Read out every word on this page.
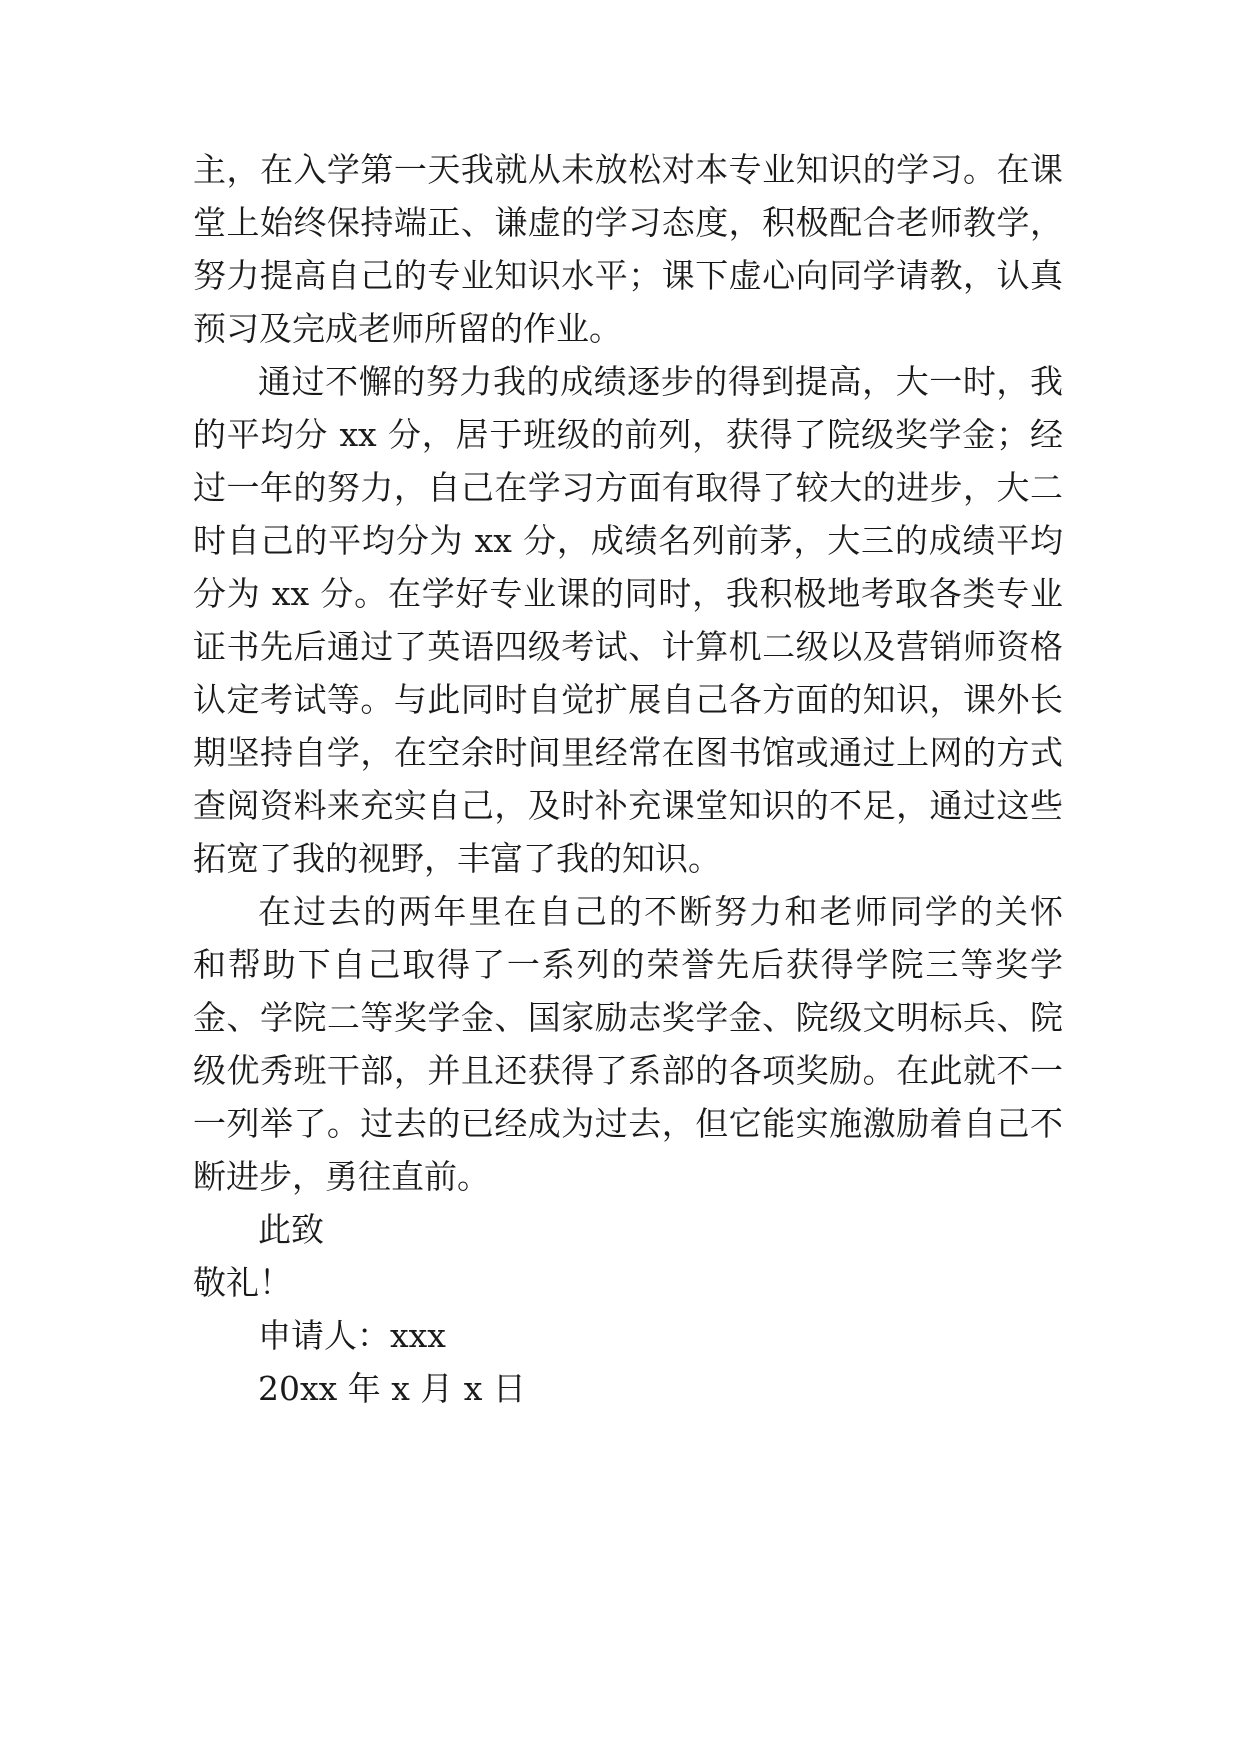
主，在入学第一天我就从未放松对本专业知识的学习。在课
堂上始终保持端正、谦虚的学习态度，积极配合老师教学，
努力提高自己的专业知识水平；课下虚心向同学请教，认真
预习及完成老师所留的作业。
通过不懈的努力我的成绩逐步的得到提高，大一时，我
的平均分 xx 分，居于班级的前列，获得了院级奖学金；经
过一年的努力，自己在学习方面有取得了较大的进步，大二
时自己的平均分为 xx 分，成绩名列前茅，大三的成绩平均
分为 xx 分。在学好专业课的同时，我积极地考取各类专业
证书先后通过了英语四级考试、计算机二级以及营销师资格
认定考试等。与此同时自觉扩展自己各方面的知识，课外长
期坚持自学，在空余时间里经常在图书馆或通过上网的方式
查阅资料来充实自己，及时补充课堂知识的不足，通过这些
拓宽了我的视野，丰富了我的知识。
在过去的两年里在自己的不断努力和老师同学的关怀
和帮助下自己取得了一系列的荣誉先后获得学院三等奖学
金、学院二等奖学金、国家励志奖学金、院级文明标兵、院
级优秀班干部，并且还获得了系部的各项奖励。在此就不一
一列举了。过去的已经成为过去，但它能实施激励着自己不
断进步，勇往直前。
此致
敬礼！
申请人：xxx
20xx 年 x 月 x 日
